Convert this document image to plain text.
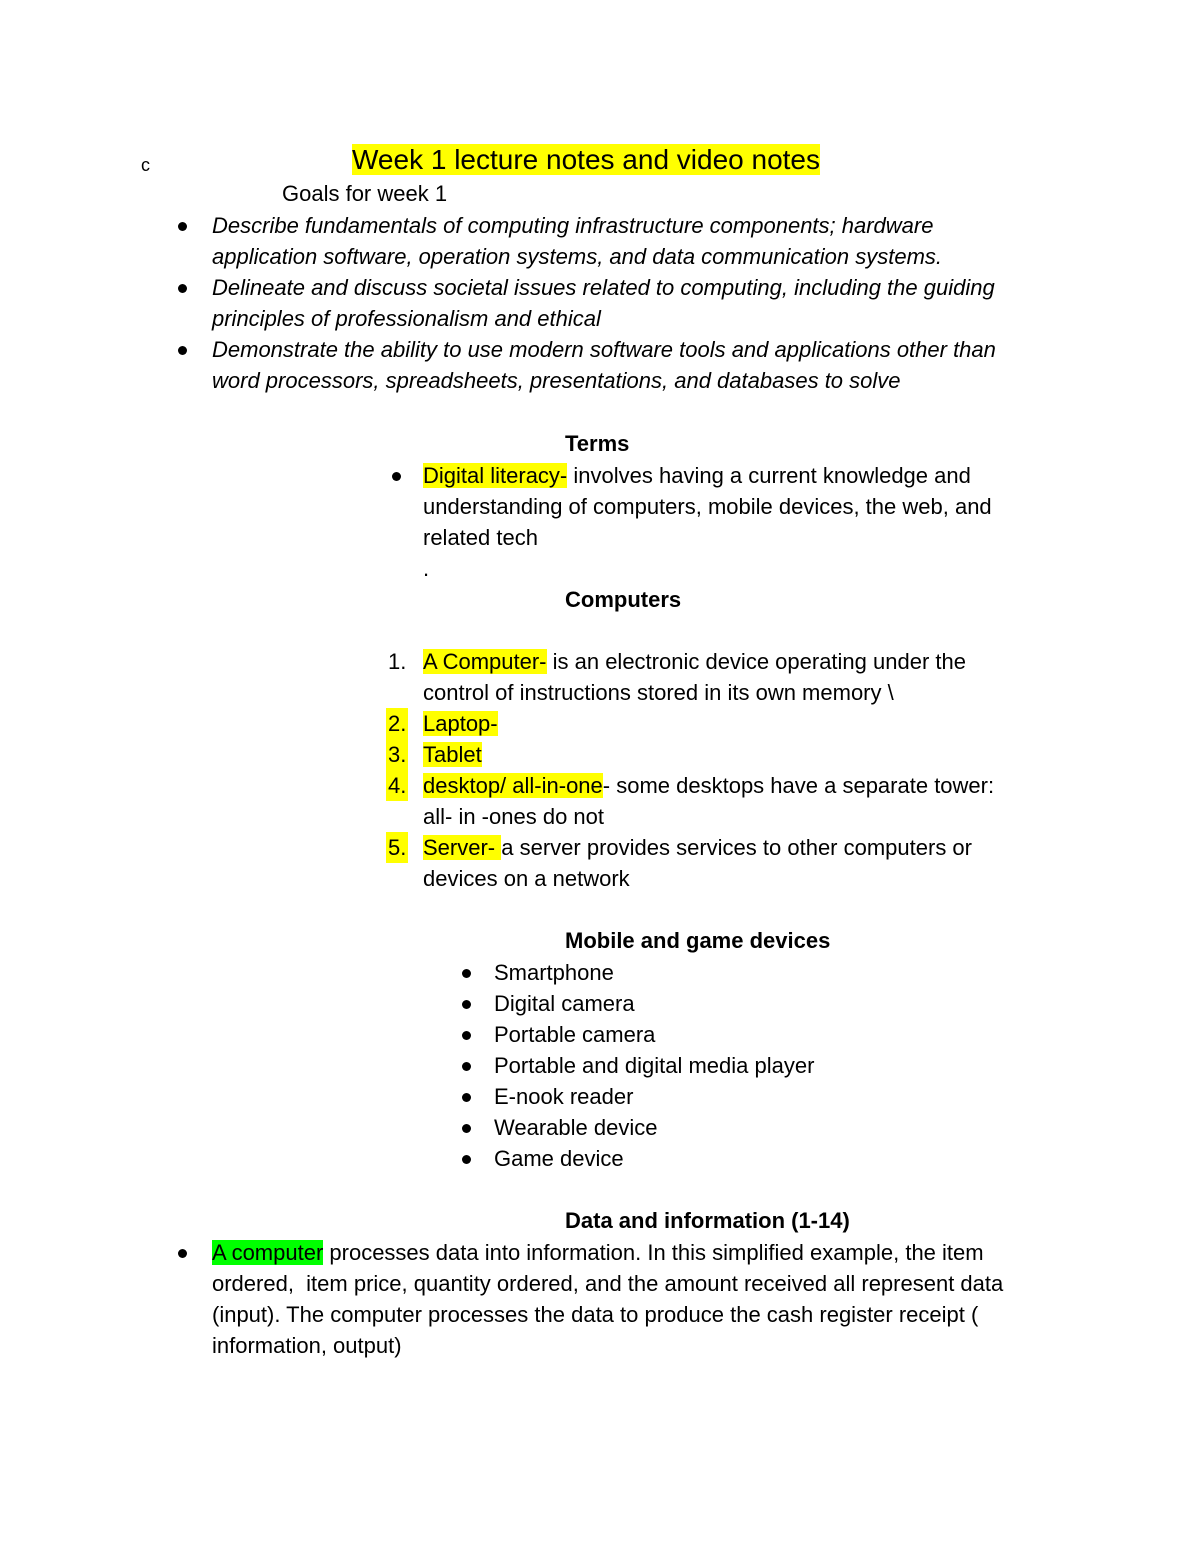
c	Week 1 lecture notes and video notes
Goals for week 1
Describe fundamentals of computing infrastructure components; hardware
application software, operation systems, and data communication systems.
Delineate and discuss societal issues related to computing, including the guiding
principles of professionalism and ethical
Demonstrate the ability to use modern software tools and applications other than
word processors, spreadsheets, presentations, and databases to solve
Terms
Digital literacy- involves having a current knowledge and
understanding of computers, mobile devices, the web, and
related tech
.
Computers
1. A Computer- is an electronic device operating under the
control of instructions stored in its own memory \
2. Laptop-
3. Tablet
4. desktop/ all-in-one- some desktops have a separate tower:
all- in -ones do not
5. Server- a server provides services to other computers or
devices on a network
Mobile and game devices
Smartphone
Digital camera
Portable camera
Portable and digital media player
E-nook reader
Wearable device
Game device
Data and information (1-14)
A computer processes data into information. In this simplified example, the item
ordered,  item price, quantity ordered, and the amount received all represent data
(input). The computer processes the data to produce the cash register receipt (
information, output)
